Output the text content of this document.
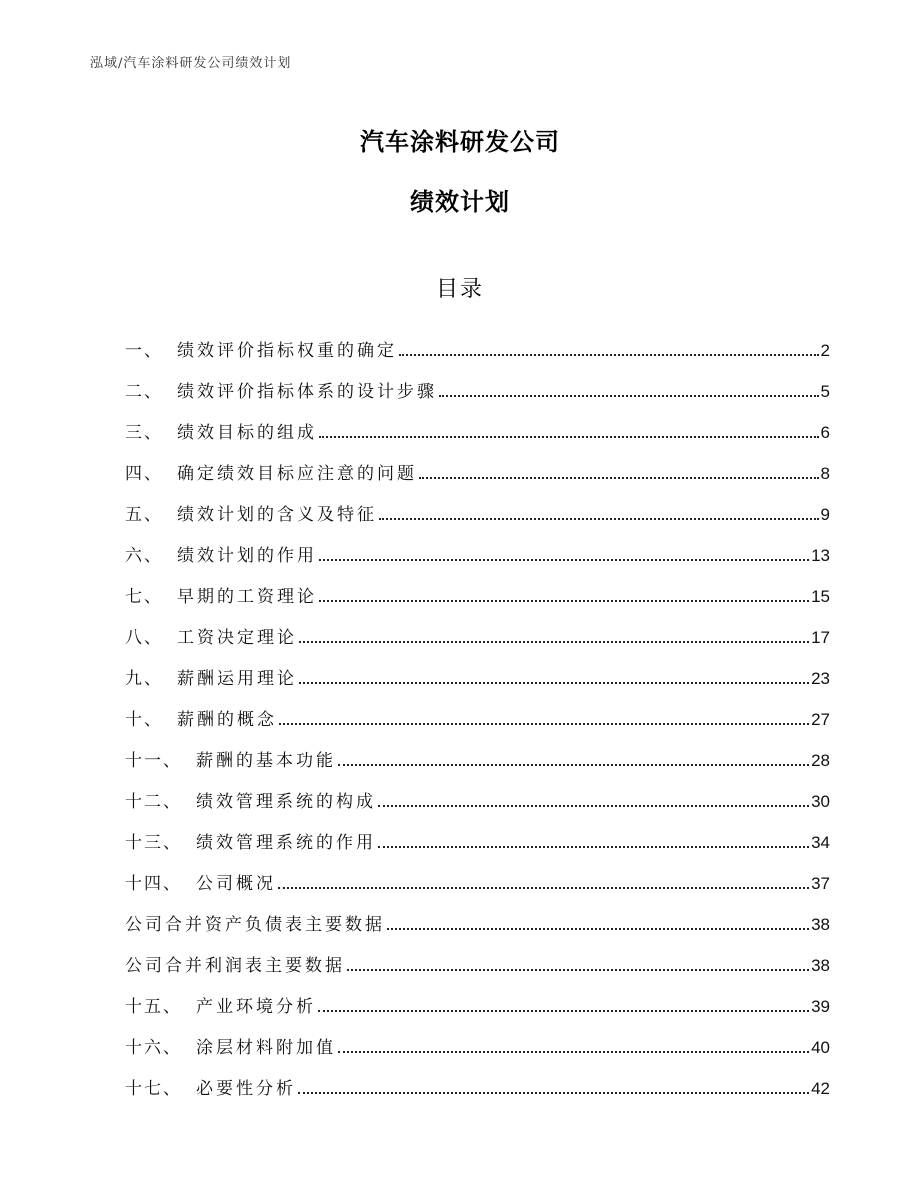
泓域/汽车涂料研发公司绩效计划
汽车涂料研发公司
绩效计划
目录
一、 绩效评价指标权重的确定	2
二、 绩效评价指标体系的设计步骤	5
三、 绩效目标的组成	6
四、 确定绩效目标应注意的问题	8
五、 绩效计划的含义及特征	9
六、 绩效计划的作用	13
七、 早期的工资理论	15
八、 工资决定理论	17
九、 薪酬运用理论	23
十、 薪酬的概念	27
十一、 薪酬的基本功能	28
十二、 绩效管理系统的构成	30
十三、 绩效管理系统的作用	34
十四、 公司概况	37
公司合并资产负债表主要数据	38
公司合并利润表主要数据	38
十五、 产业环境分析	39
十六、 涂层材料附加值	40
十七、 必要性分析	42
